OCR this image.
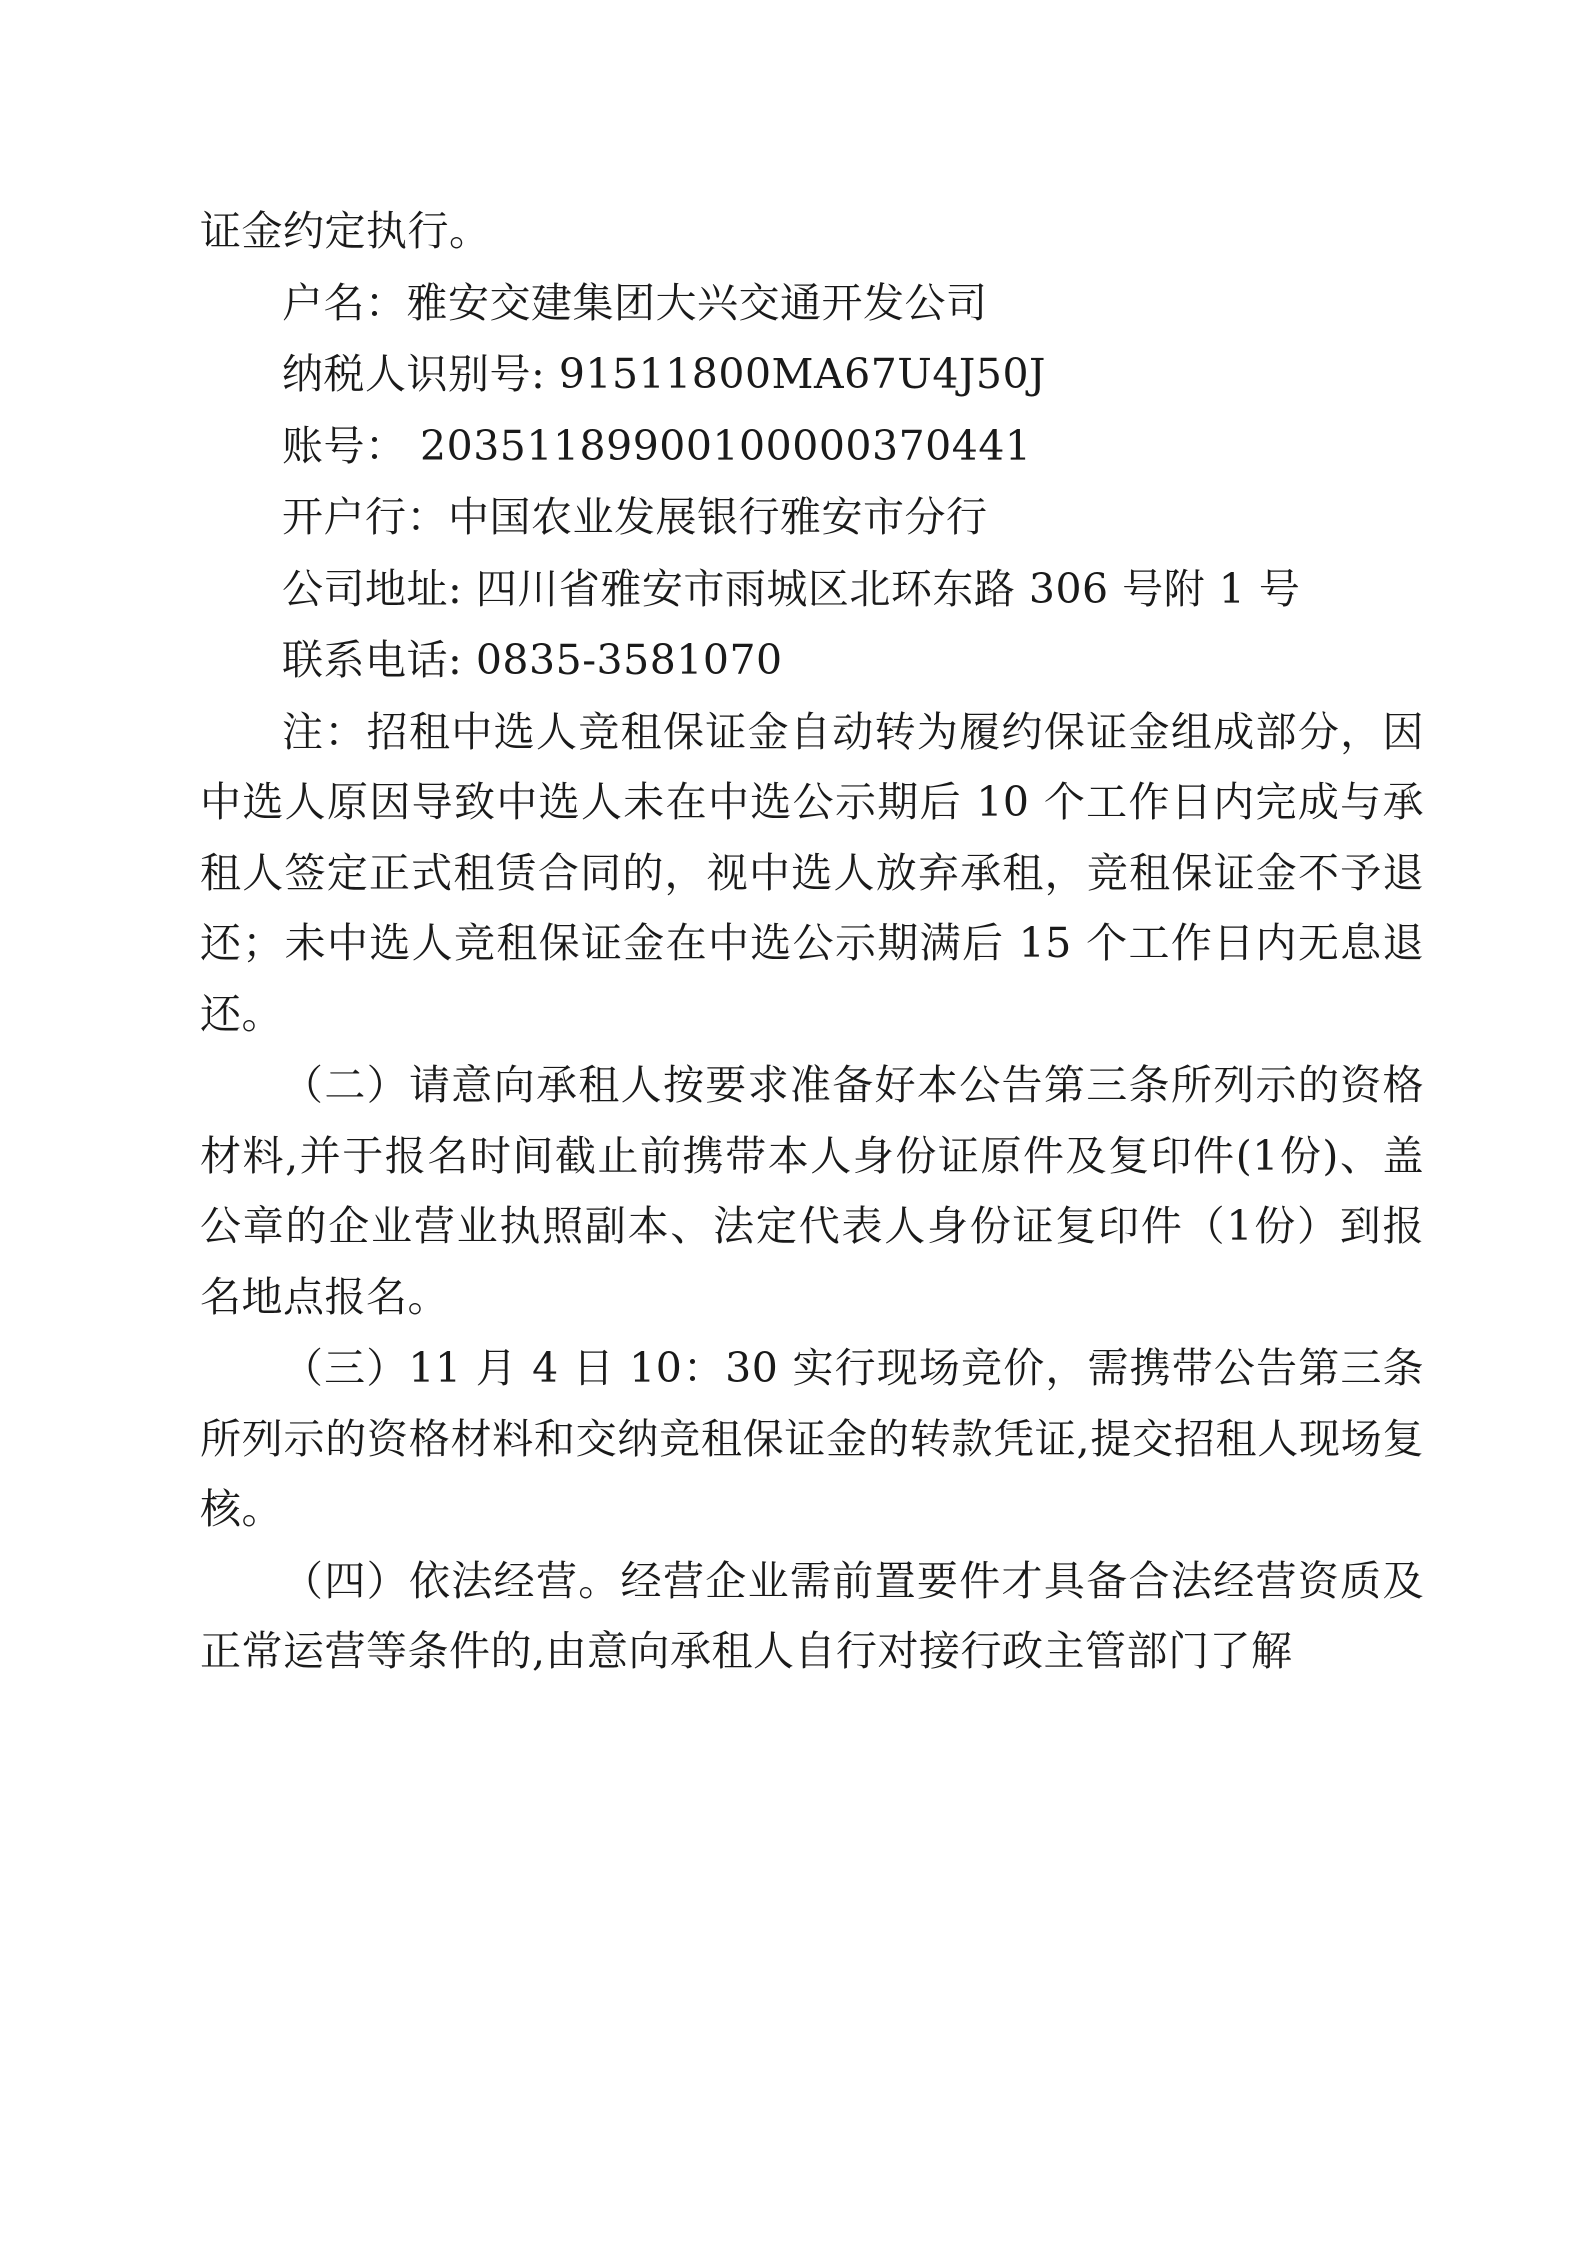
证金约定执行。

户名：雅安交建集团大兴交通开发公司

纳税人识别号: 91511800MA67U4J50J

账号： 20351189900100000370441

开户行：中国农业发展银行雅安市分行

公司地址: 四川省雅安市雨城区北环东路 306 号附 1 号

联系电话: 0835-3581070

注：招租中选人竞租保证金自动转为履约保证金组成部分，因中选人原因导致中选人未在中选公示期后 10 个工作日内完成与承租人签定正式租赁合同的，视中选人放弃承租，竞租保证金不予退还；未中选人竞租保证金在中选公示期满后 15 个工作日内无息退还。

（二）请意向承租人按要求准备好本公告第三条所列示的资格材料,并于报名时间截止前携带本人身份证原件及复印件(1份)、盖公章的企业营业执照副本、法定代表人身份证复印件（1份）到报名地点报名。

（三）11 月 4 日 10：30 实行现场竞价，需携带公告第三条所列示的资格材料和交纳竞租保证金的转款凭证,提交招租人现场复核。

（四）依法经营。经营企业需前置要件才具备合法经营资质及正常运营等条件的,由意向承租人自行对接行政主管部门了解
